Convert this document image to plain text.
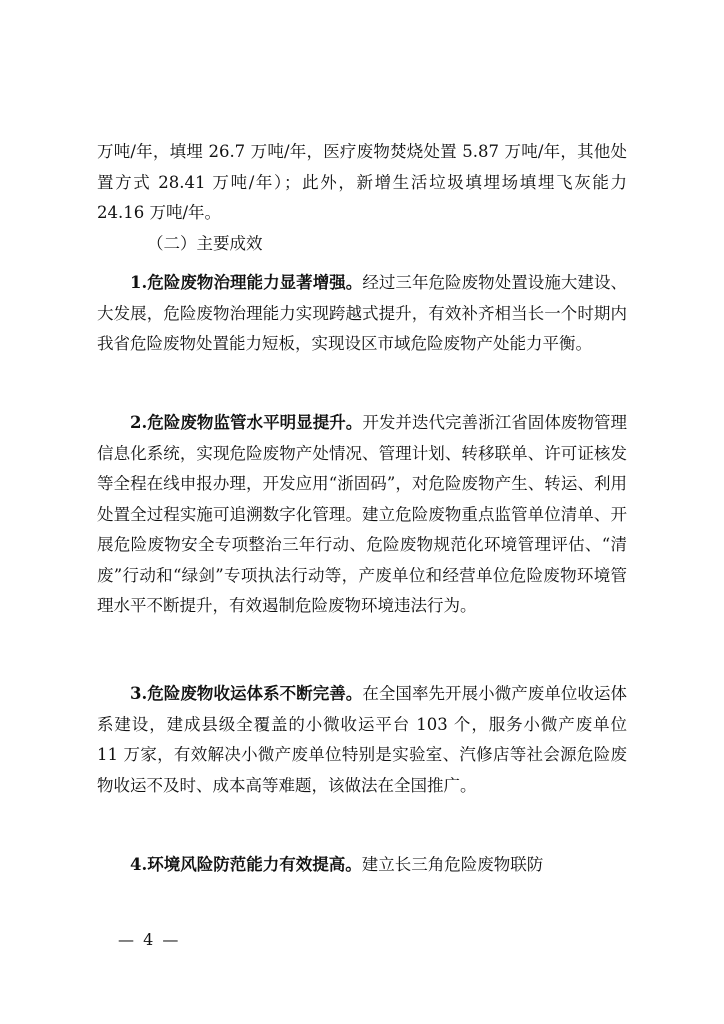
万吨/年，填埋 26.7 万吨/年，医疗废物焚烧处置 5.87 万吨/年，其他处置方式 28.41 万吨/年）；此外，新增生活垃圾填埋场填埋飞灰能力 24.16 万吨/年。

（二）主要成效

1.危险废物治理能力显著增强。经过三年危险废物处置设施大建设、大发展，危险废物治理能力实现跨越式提升，有效补齐相当长一个时期内我省危险废物处置能力短板，实现设区市域危险废物产处能力平衡。

2.危险废物监管水平明显提升。开发并迭代完善浙江省固体废物管理信息化系统，实现危险废物产处情况、管理计划、转移联单、许可证核发等全程在线申报办理，开发应用“浙固码”，对危险废物产生、转运、利用处置全过程实施可追溯数字化管理。建立危险废物重点监管单位清单、开展危险废物安全专项整治三年行动、危险废物规范化环境管理评估、“清废”行动和“绿剑”专项执法行动等，产废单位和经营单位危险废物环境管理水平不断提升，有效遏制危险废物环境违法行为。

3.危险废物收运体系不断完善。在全国率先开展小微产废单位收运体系建设，建成县级全覆盖的小微收运平台 103 个，服务小微产废单位 11 万家，有效解决小微产废单位特别是实验室、汽修店等社会源危险废物收运不及时、成本高等难题，该做法在全国推广。

4.环境风险防范能力有效提高。建立长三角危险废物联防

— 4 —
